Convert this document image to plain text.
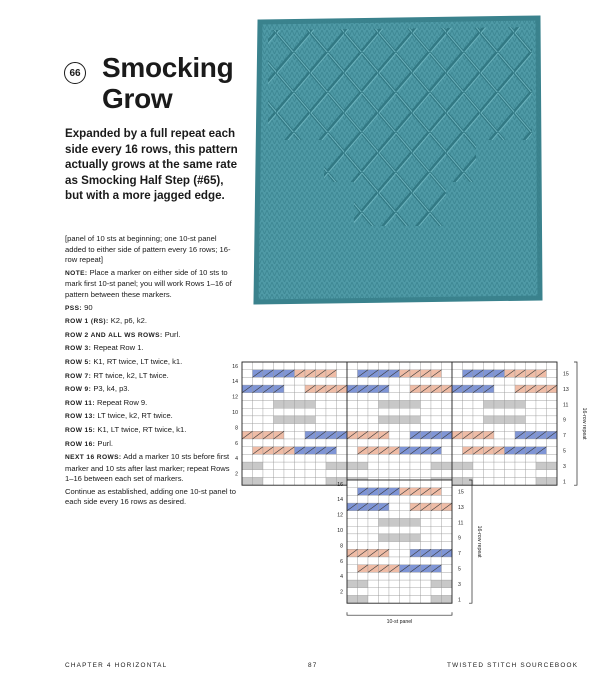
66 Smocking
Grow
Expanded by a full repeat each side every 16 rows, this pattern actually grows at the same rate as Smocking Half Step (#65), but with a more jagged edge.

[panel of 10 sts at beginning; one 10-st panel added to either side of pattern every 16 rows; 16-row repeat]

NOTE: Place a marker on either side of 10 sts to mark first 10-st panel; you will work Rows 1–16 of pattern between these markers.

PSS: 90

ROW 1 (RS): K2, p6, k2.

ROW 2 AND ALL WS ROWS: Purl.

ROW 3: Repeat Row 1.

ROW 5: K1, RT twice, LT twice, k1.

ROW 7: RT twice, k2, LT twice.

ROW 9: P3, k4, p3.

ROW 11: Repeat Row 9.

ROW 13: LT twice, k2, RT twice.

ROW 15: K1, LT twice, RT twice, k1.

ROW 16: Purl.

NEXT 16 ROWS: Add a marker 10 sts before first marker and 10 sts after last marker; repeat Rows 1–16 between each set of markers.

Continue as established, adding one 10-st panel to each side every 16 rows as desired.

15
16
15
16
13
14
13
14
11
12
11
12
9
10
9
10
7
8
7
8
5
6
5
6
3
4
3
4
1
2
1
2
16-row repeat
16-row repeat
10-st panel
CHAPTER 4 HORIZONTAL	87	TWISTED STITCH SOURCEBOOK
